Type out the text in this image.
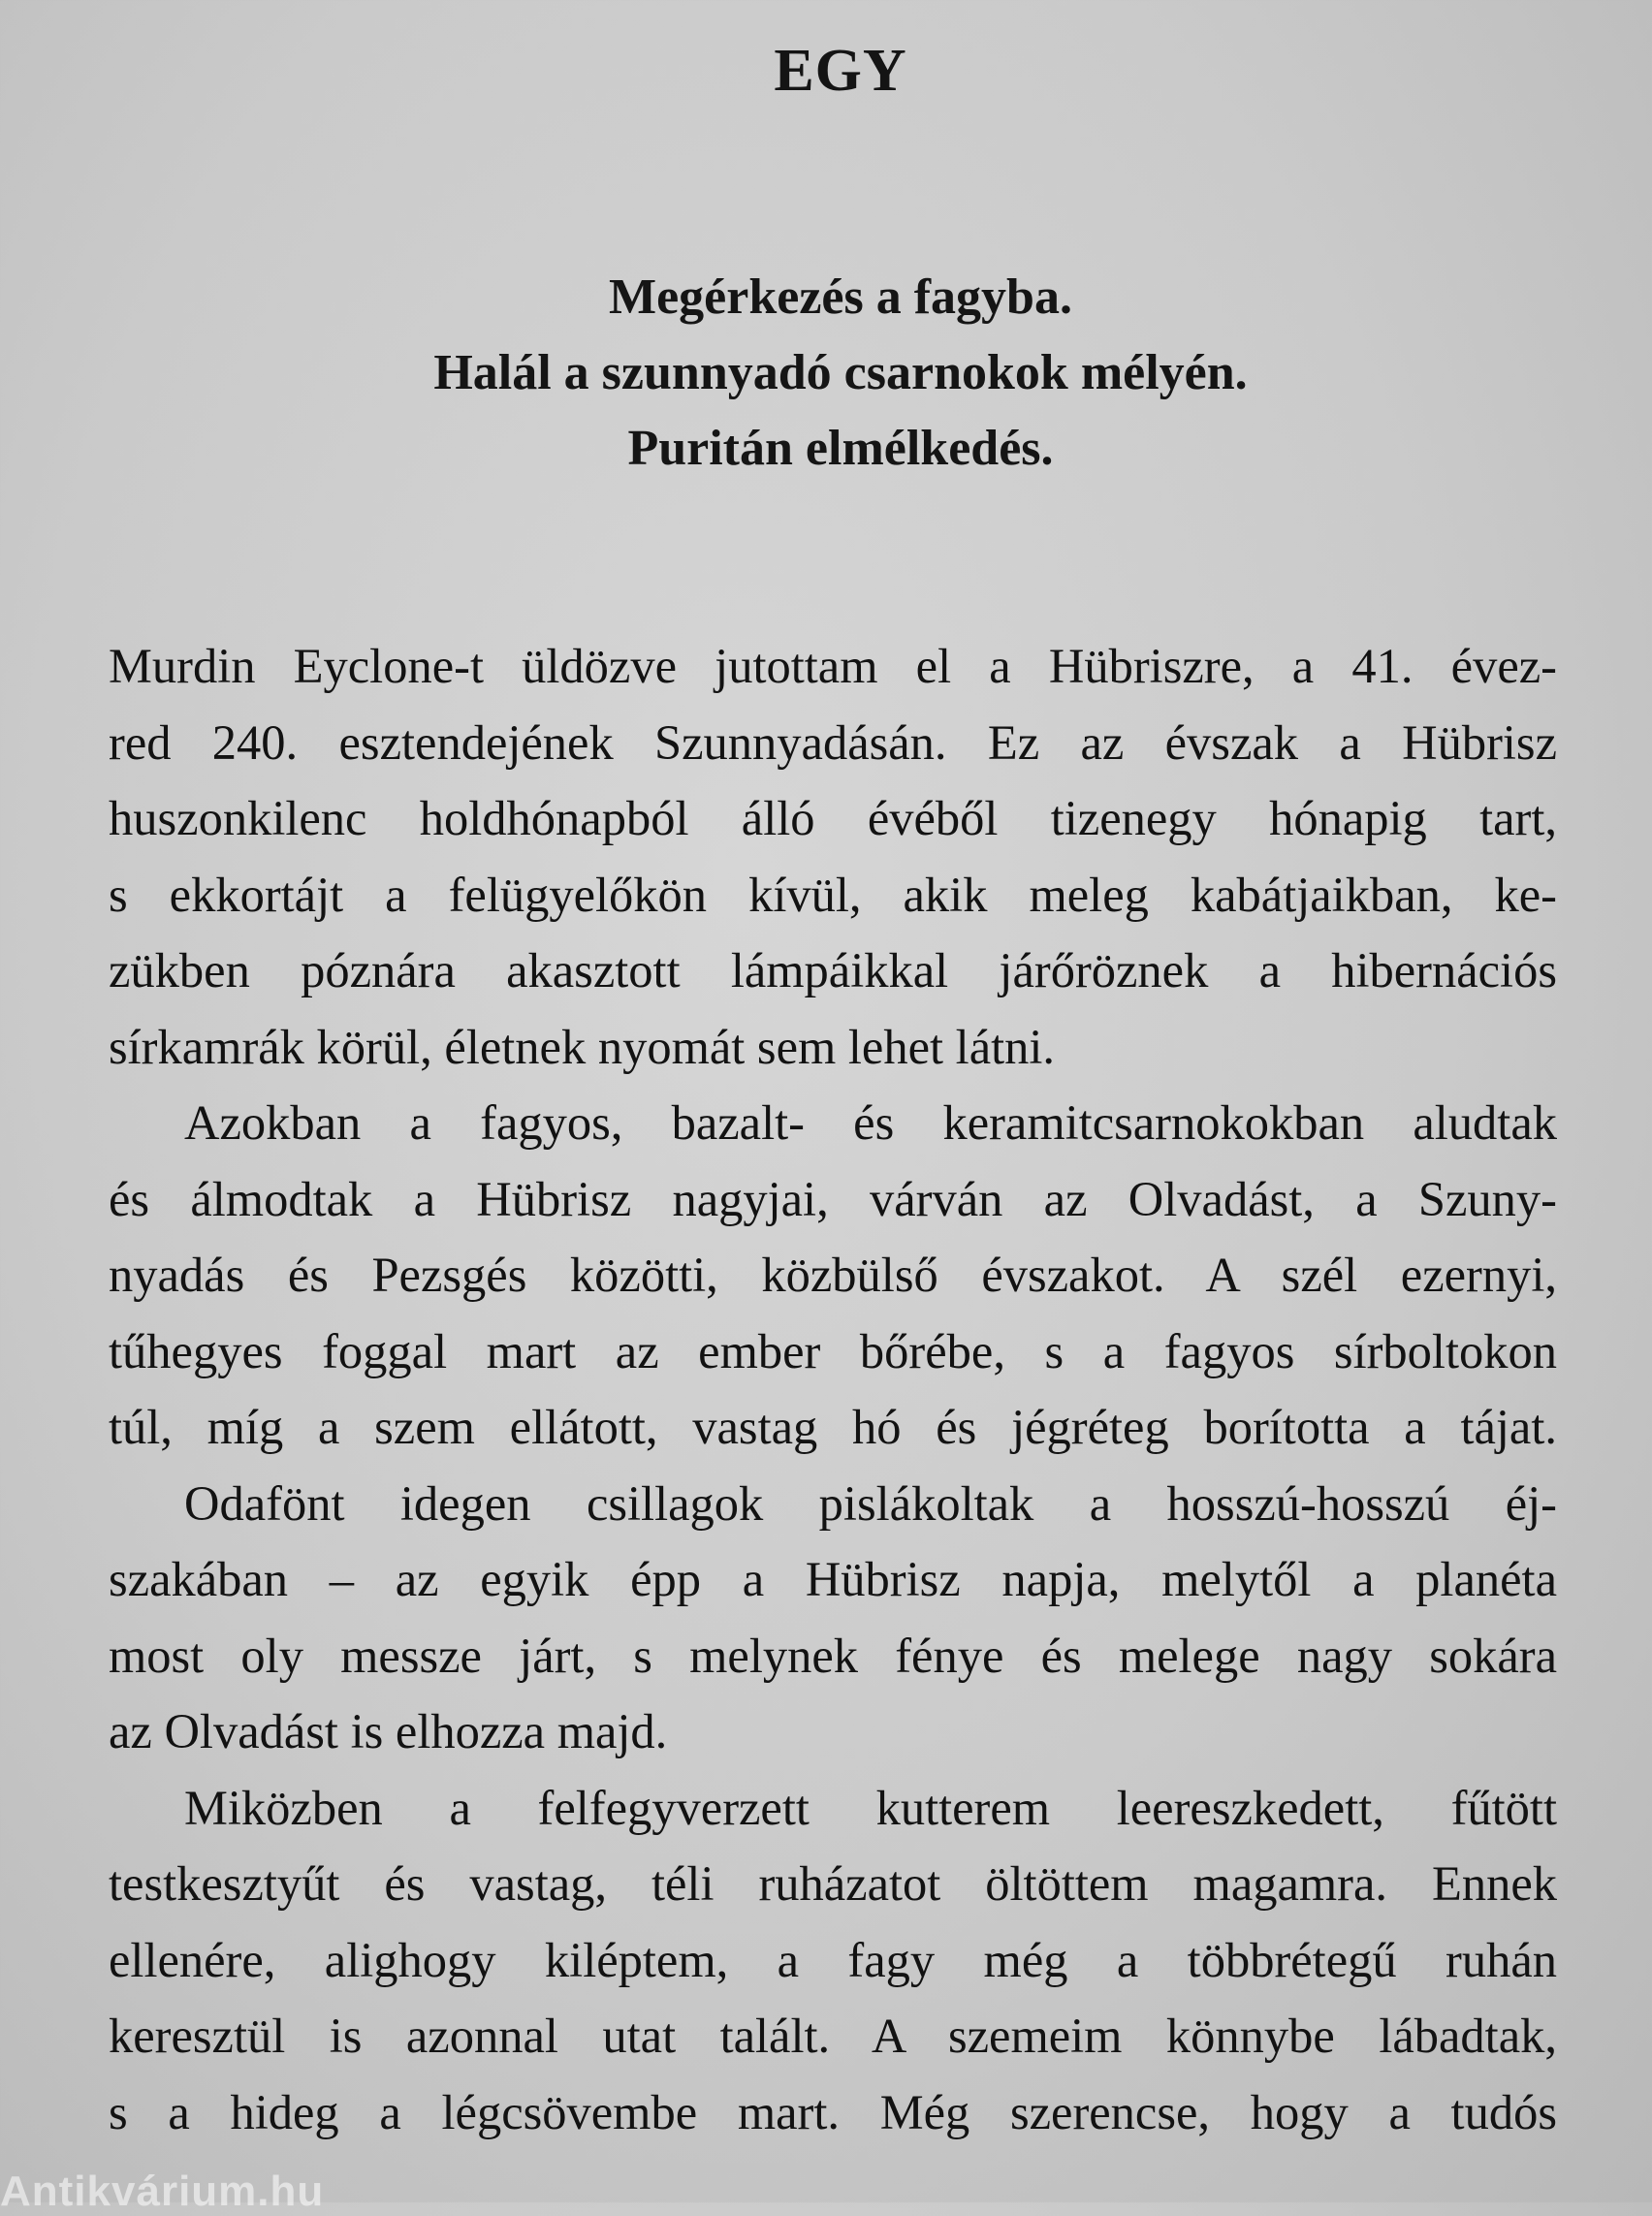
EGY
Megérkezés a fagyba.
Halál a szunnyadó csarnokok mélyén.
Puritán elmélkedés.
Murdin Eyclone-t üldözve jutottam el a Hübriszre, a 41. évez-
red 240. esztendejének Szunnyadásán. Ez az évszak a Hübrisz
huszonkilenc holdhónapból álló évéből tizenegy hónapig tart,
s ekkortájt a felügyelőkön kívül, akik meleg kabátjaikban, ke-
zükben póznára akasztott lámpáikkal járőröznek a hibernációs
sírkamrák körül, életnek nyomát sem lehet látni.
Azokban a fagyos, bazalt- és keramitcsarnokokban aludtak
és álmodtak a Hübrisz nagyjai, várván az Olvadást, a Szuny-
nyadás és Pezsgés közötti, közbülső évszakot. A szél ezernyi,
tűhegyes foggal mart az ember bőrébe, s a fagyos sírboltokon
túl, míg a szem ellátott, vastag hó és jégréteg borította a tájat.
Odafönt idegen csillagok pislákoltak a hosszú-hosszú éj-
szakában – az egyik épp a Hübrisz napja, melytől a planéta
most oly messze járt, s melynek fénye és melege nagy sokára
az Olvadást is elhozza majd.
Miközben a felfegyverzett kutterem leereszkedett, fűtött
testkesztyűt és vastag, téli ruházatot öltöttem magamra. Ennek
ellenére, alighogy kiléptem, a fagy még a többrétegű ruhán
keresztül is azonnal utat talált. A szemeim könnybe lábadtak,
s a hideg a légcsövembe mart. Még szerencse, hogy a tudós
Antikvárium.hu
